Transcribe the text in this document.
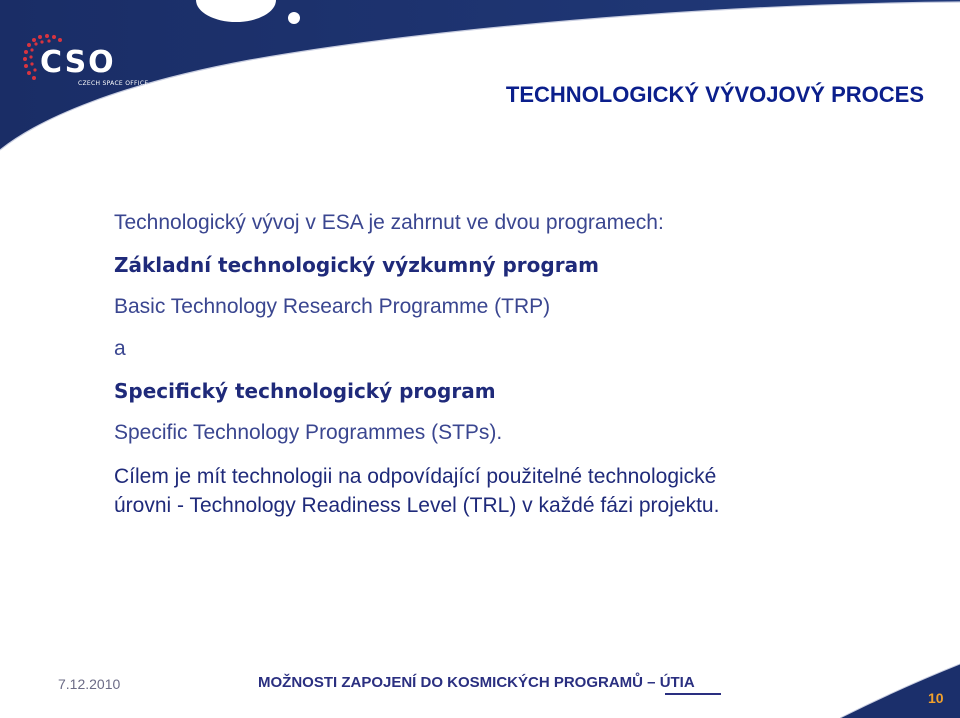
CSO
CZECH SPACE OFFICE	TECHNOLOGICKÝ VÝVOJOVÝ PROCES

Technologický vývoj v ESA je zahrnut ve dvou programech:

Základní technologický výzkumný program

Basic Technology Research Programme (TRP)

a

Specifický technologický program

Specific Technology Programmes (STPs).

Cílem je mít technologii na odpovídající použitelné technologické

úrovni - Technology Readiness Level (TRL) v každé fázi projektu.

7.12.2010	MOŽNOSTI ZAPOJENÍ DO KOSMICKÝCH PROGRAMŮ – ÚTIA
10
